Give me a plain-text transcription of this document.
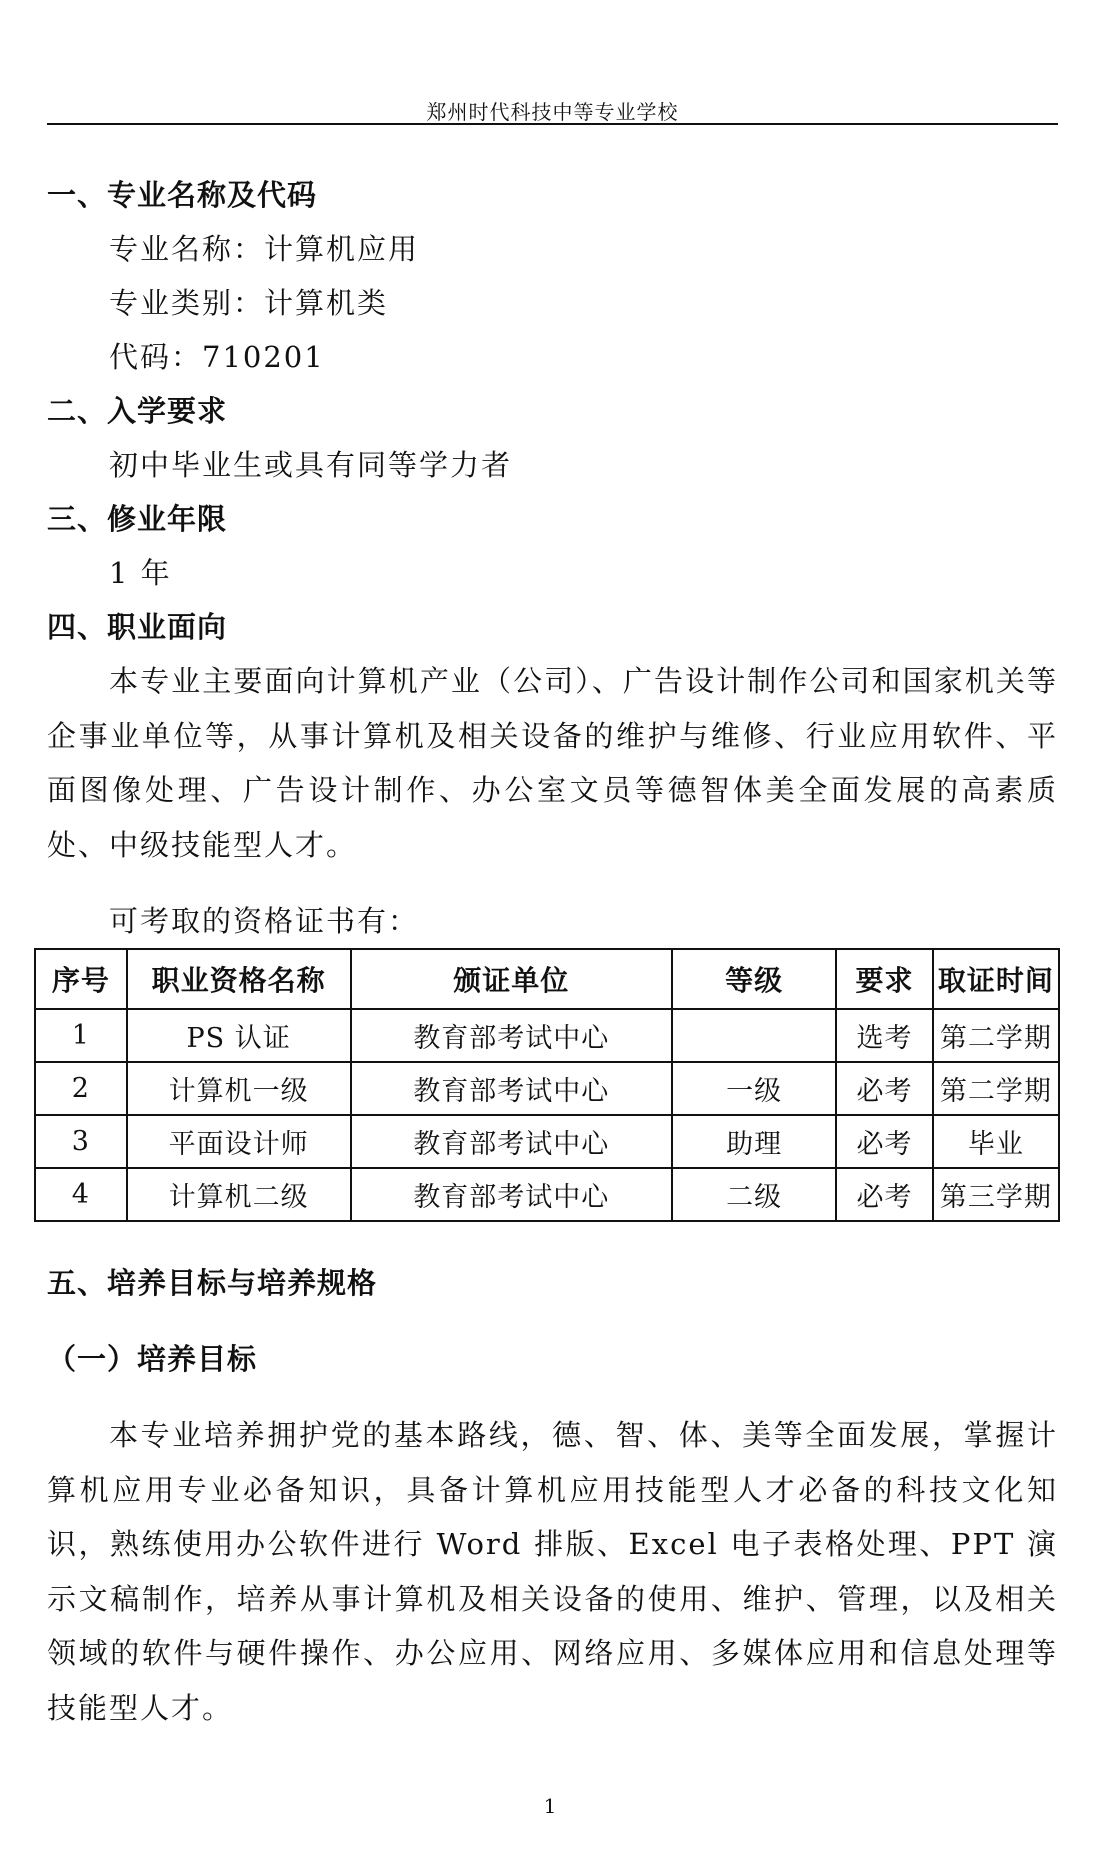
郑州时代科技中等专业学校
一、专业名称及代码
专业名称：计算机应用
专业类别：计算机类
代码：710201
二、入学要求
初中毕业生或具有同等学力者
三、修业年限
1 年
四、职业面向

本专业主要面向计算机产业（公司）、广告设计制作公司和国家机关等企事业单位等，从事计算机及相关设备的维护与维修、行业应用软件、平面图像处理、广告设计制作、办公室文员等德智体美全面发展的高素质处、中级技能型人才。

可考取的资格证书有：
序号	职业资格名称	颁证单位	等级	要求	取证时间
1	PS 认证	教育部考试中心		选考	第二学期
2	计算机一级	教育部考试中心	一级	必考	第二学期
3	平面设计师	教育部考试中心	助理	必考	毕业
4	计算机二级	教育部考试中心	二级	必考	第三学期
五、培养目标与培养规格
（一）培养目标

本专业培养拥护党的基本路线，德、智、体、美等全面发展，掌握计算机应用专业必备知识，具备计算机应用技能型人才必备的科技文化知识，熟练使用办公软件进行 Word 排版、Excel 电子表格处理、PPT 演示文稿制作，培养从事计算机及相关设备的使用、维护、管理，以及相关领域的软件与硬件操作、办公应用、网络应用、多媒体应用和信息处理等技能型人才。

1
